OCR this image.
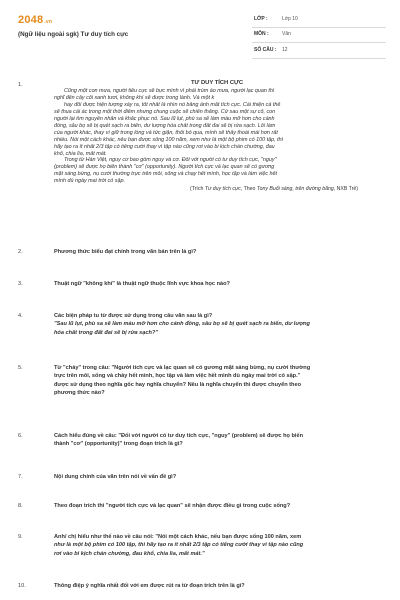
2048.vn
(Ngữ liệu ngoài sgk) Tư duy tích cực
LỚP :	Lớp 10
MÔN :	Văn
SỐ CÂU : 12
1.	TƯ DUY TÍCH CỰC
Cũng một con mưa, người tiêu cực sẽ bực mình vì phải trùm áo mưa, người lạc quan thì
nghĩ đến cây cối xanh tươi, không khí sẽ được trong lành. Và một k
hay đổi được hiện tượng xảy ra, tốt nhất là nhìn nó bằng ánh mắt tích cực. Cải thiện cả thế
sẽ thua cái ác trong một thời điểm nhưng chung cuộc sẽ chiến thắng. Cứ sau một sự cố, con
người lại tìm nguyên nhân và khắc phục nó. Sau lũ lụt, phù sa sẽ làm màu mỡ hơn cho cánh
đồng, sâu bọ sẽ bị quét sạch ra biển, dư lượng hóa chất trong đất đai sẽ bị rửa sạch. Lỗi lầm
của người khác, thay vì giữ trong lòng và tức giận, thôi bỏ qua, mình sẽ thấy thoải mái hơn rất
nhiều. Nói một cách khác, nếu bạn được sống 100 năm, xem như là một bộ phim có 100 tập, thì
hãy tạo ra ít nhất 2/3 tập có tiếng cười thay vì tập nào cũng rơi vào bi kịch chán chường, đau
khổ, chia lìa, mất mát.
Trong từ Hán Việt, nguy cơ bao gồm nguy và cơ. Đối với người có tư duy tích cực, "nguy"
(problem) sẽ được họ biến thành "cơ" (opportunity). Người tích cực và lạc quan sẽ có gương
mặt sáng bừng, nụ cười thường trực trên môi, sống và chạy hết mình, học tập và làm việc hết
mình dù ngày mai trời có sập.
(Trích Tư duy tích cực, Theo Tony Buổi sáng, trên đường băng, NXB Trẻ)
2.	Phương thức biểu đạt chính trong văn bản trên là gì?
3.	Thuật ngữ "không khí" là thuật ngữ thuộc lĩnh vực khoa học nào?
4.	Các biện pháp tu từ được sử dụng trong câu văn sau là gì?
"Sau lũ lụt, phù sa sẽ làm màu mỡ hơn cho cánh đồng, sâu bọ sẽ bị quét sạch ra biển, dư lượng
hóa chất trong đất đai sẽ bị rửa sạch?"
5.	Từ "chảy" trong câu: "Người tích cực và lạc quan sẽ có gương mặt sáng bừng, nụ cười thường
trực trên môi, sống và chảy hết mình, học tập và làm việc hết mình dù ngày mai trời có sập."
được sử dụng theo nghĩa gốc hay nghĩa chuyển? Nêu là nghĩa chuyển thì được chuyển theo
phương thức nào?
6.	Cách hiểu đúng về câu: "Đối với người có tư duy tích cực, "nguy" (problem) sẽ được họ biến
thành "cơ" (opportunity)" trong đoạn trích là gì?
7.	Nội dung chính của văn trên nói về vấn đề gì?
8.	Theo đoạn trích thì "người tích cực và lạc quan" sẽ nhận được điều gì trong cuộc sống?
9.	Anh/ chị hiểu như thế nào về câu nói: "Nói một cách khác, nếu bạn được sống 100 năm, xem
như là một bộ phim có 100 tập, thì hãy tạo ra ít nhất 2/3 tập có tiếng cười thay vì tập nào cũng
rơi vào bi kịch chán chường, đau khổ, chia lìa, mất mát."
10.	Thông điệp ý nghĩa nhất đối với em được rút ra từ đoạn trích trên là gì?
